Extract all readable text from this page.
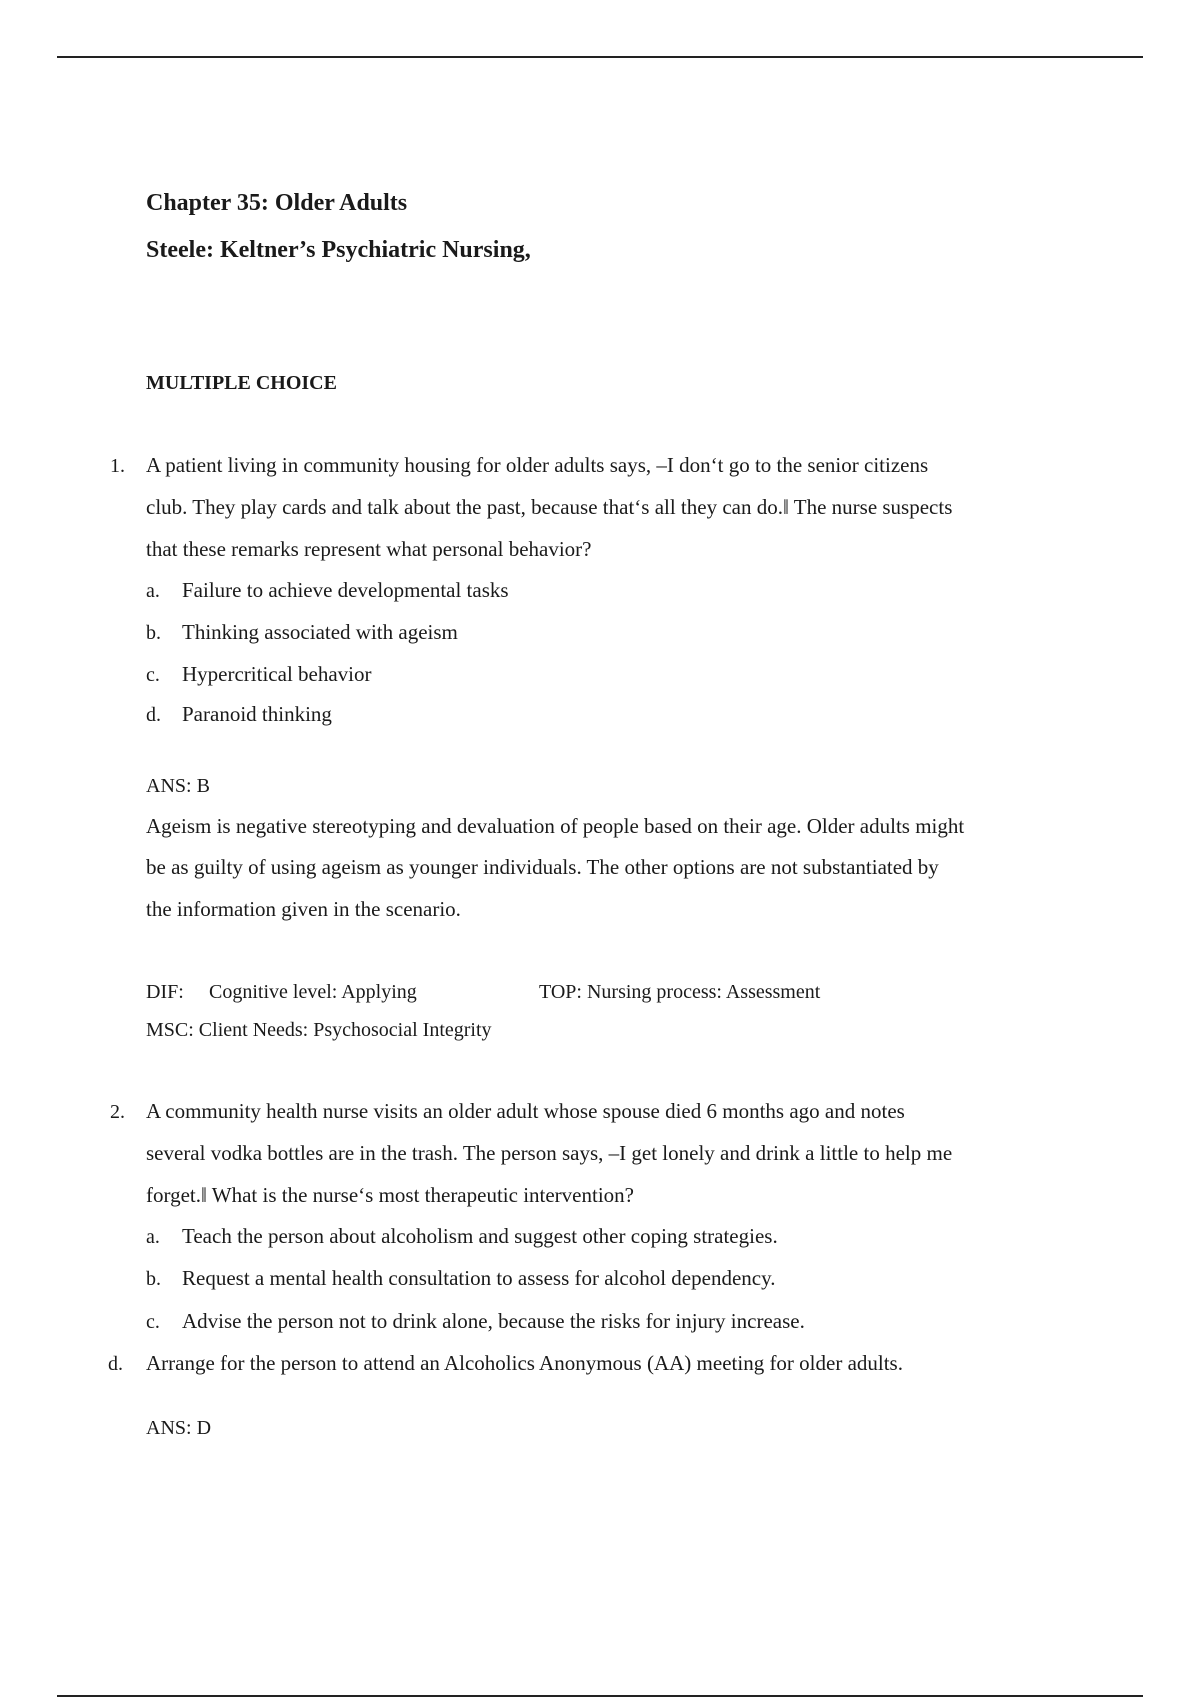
Chapter 35: Older Adults
Steele: Keltner’s Psychiatric Nursing,
MULTIPLE CHOICE
1. A patient living in community housing for older adults says, –I don‘t go to the senior citizens
club. They play cards and talk about the past, because that‘s all they can do.‖ The nurse suspects
that these remarks represent what personal behavior?
a. Failure to achieve developmental tasks
b. Thinking associated with ageism
c. Hypercritical behavior
d. Paranoid thinking
ANS: B
Ageism is negative stereotyping and devaluation of people based on their age. Older adults might
be as guilty of using ageism as younger individuals. The other options are not substantiated by
the information given in the scenario.
DIF: Cognitive level: Applying	TOP: Nursing process: Assessment
MSC: Client Needs: Psychosocial Integrity
2. A community health nurse visits an older adult whose spouse died 6 months ago and notes
several vodka bottles are in the trash. The person says, –I get lonely and drink a little to help me
forget.‖ What is the nurse‘s most therapeutic intervention?
a. Teach the person about alcoholism and suggest other coping strategies.
b. Request a mental health consultation to assess for alcohol dependency.
c. Advise the person not to drink alone, because the risks for injury increase.
d. Arrange for the person to attend an Alcoholics Anonymous (AA) meeting for older adults.
ANS: D
